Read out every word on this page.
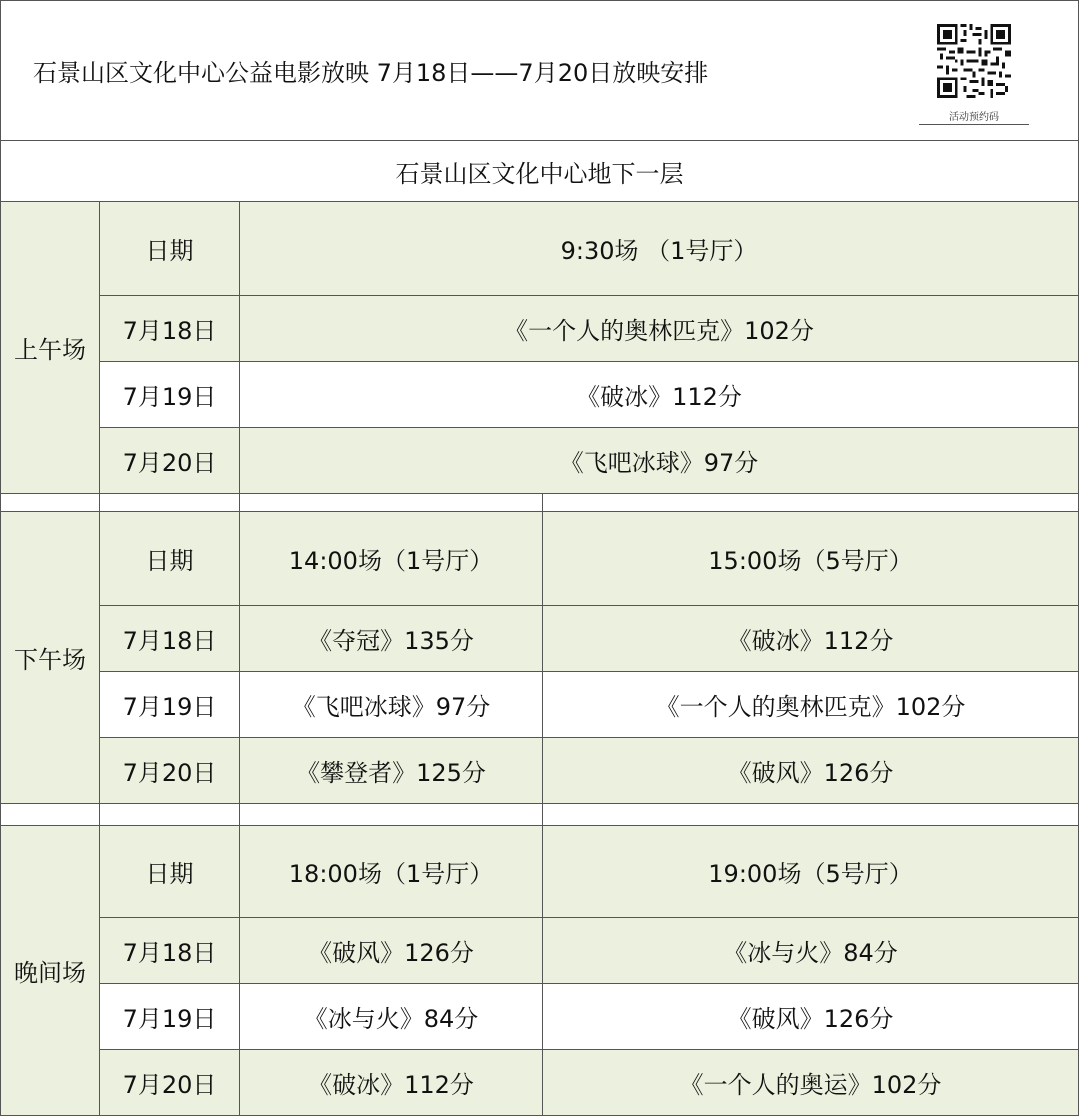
石景山区文化中心公益电影放映 7月18日——7月20日放映安排
活动预约码
石景山区文化中心地下一层
上午场
日期	9:30场 （1号厅）
7月18日	《一个人的奥林匹克》102分
7月19日	《破冰》112分
7月20日	《飞吧冰球》97分
下午场
日期	14:00场（1号厅）	15:00场（5号厅）
7月18日	《夺冠》135分	《破冰》112分
7月19日	《飞吧冰球》97分	《一个人的奥林匹克》102分
7月20日	《攀登者》125分	《破风》126分
晚间场
日期	18:00场（1号厅）	19:00场（5号厅）
7月18日	《破风》126分	《冰与火》84分
7月19日	《冰与火》84分	《破风》126分
7月20日	《破冰》112分	《一个人的奥运》102分
